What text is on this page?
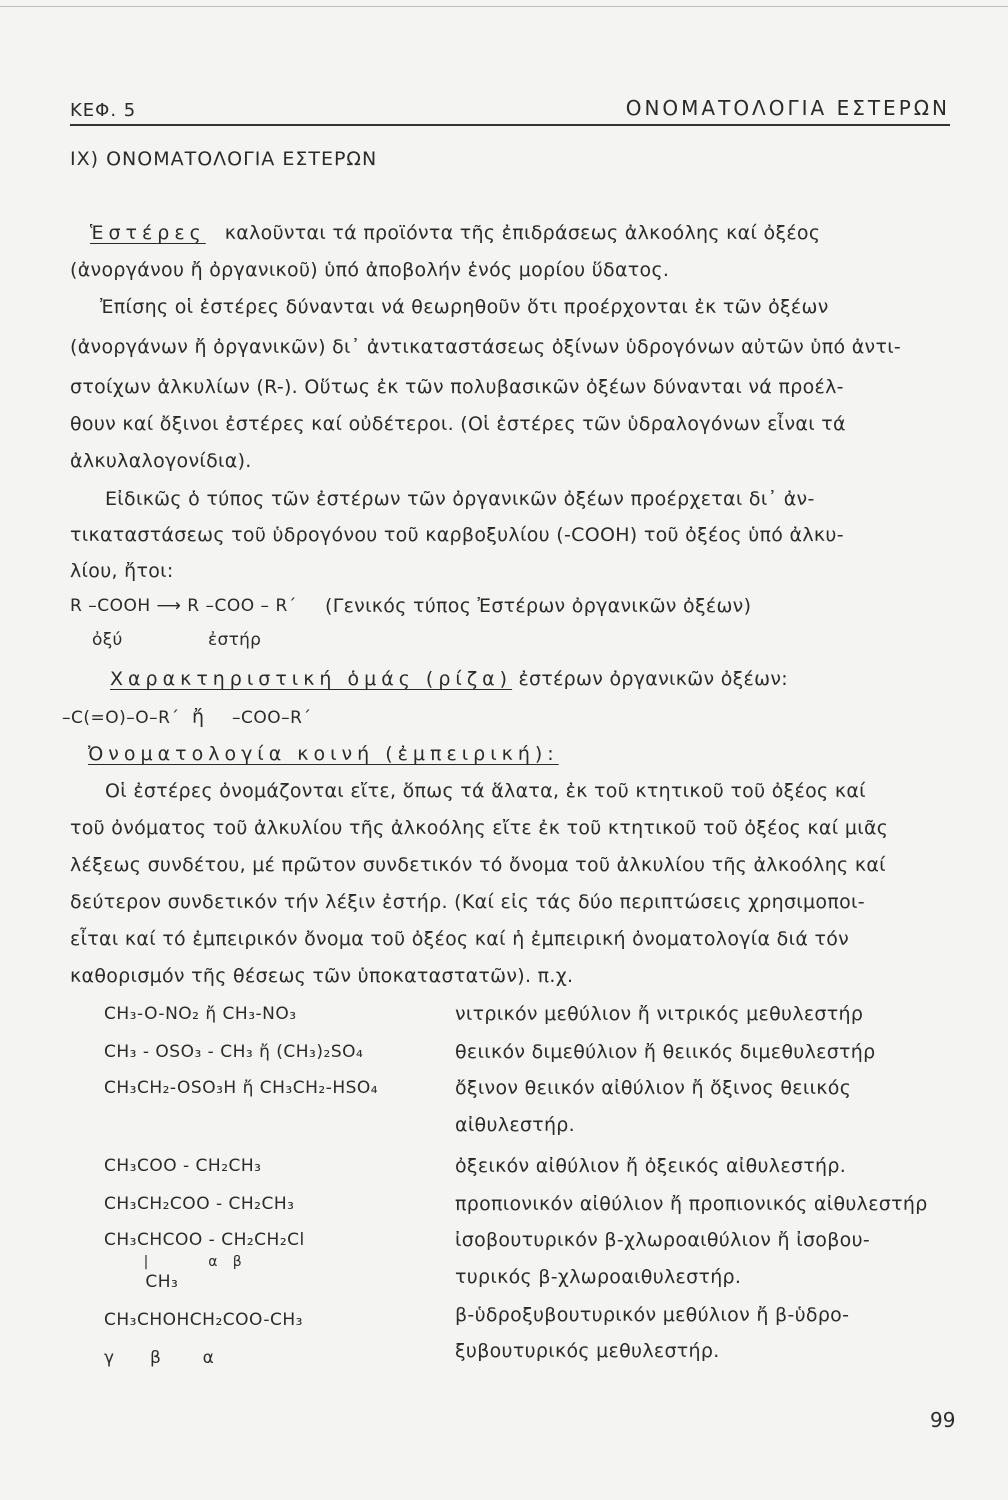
ΚΕΦ. 5	ΟΝΟΜΑΤΟΛΟΓΙΑ ΕΣΤΕΡΩΝ
IX) ΟΝΟΜΑΤΟΛΟΓΙΑ ΕΣΤΕΡΩΝ
Ἑστέρες καλοῦνται τά προϊόντα τῆς ἐπιδράσεως ἀλκοόλης καί ὀξέος
(ἀνοργάνου ἤ ὀργανικοῦ) ὑπό ἀποβολήν ἑνός μορίου ὕδατος.
Ἐπίσης οἱ ἐστέρες δύνανται νά θεωρηθοῦν ὅτι προέρχονται ἐκ τῶν ὀξέων
(ἀνοργάνων ἤ ὀργανικῶν) δι᾽ ἀντικαταστάσεως ὀξίνων ὑδρογόνων αὐτῶν ὑπό ἀντι-
στοίχων ἀλκυλίων (R-). Οὕτως ἐκ τῶν πολυβασικῶν ὀξέων δύνανται νά προέλ-
θουν καί ὄξινοι ἐστέρες καί οὐδέτεροι. (Οἱ ἐστέρες τῶν ὑδραλογόνων εἶναι τά
ἀλκυλαλογονίδια).
Εἰδικῶς ὁ τύπος τῶν ἐστέρων τῶν ὀργανικῶν ὀξέων προέρχεται δι᾽ ἀν-
τικαταστάσεως τοῦ ὑδρογόνου τοῦ καρβοξυλίου (-COOH) τοῦ ὀξέος ὑπό ἀλκυ-
λίου, ἤτοι:
R –COOH ⟶ R –COO – R΄ (Γενικός τύπος Ἐστέρων ὀργανικῶν ὀξέων)
ὀξύ	ἐστήρ
Χαρακτηριστική ὁμάς (ρίζα) ἐστέρων ὀργανικῶν ὀξέων:
–C(=O)–O–R΄ ἤ –COO–R΄
Ὀνοματολογία κοινή (ἐμπειρική):
Οἱ ἐστέρες ὀνομάζονται εἴτε, ὅπως τά ἅλατα, ἐκ τοῦ κτητικοῦ τοῦ ὀξέος καί
τοῦ ὀνόματος τοῦ ἀλκυλίου τῆς ἀλκοόλης εἴτε ἐκ τοῦ κτητικοῦ τοῦ ὀξέος καί μιᾶς
λέξεως συνδέτου, μέ πρῶτον συνδετικόν τό ὄνομα τοῦ ἀλκυλίου τῆς ἀλκοόλης καί
δεύτερον συνδετικόν τήν λέξιν ἐστήρ. (Καί εἰς τάς δύο περιπτώσεις χρησιμοποι-
εἶται καί τό ἐμπειρικόν ὄνομα τοῦ ὀξέος καί ἡ ἐμπειρική ὀνοματολογία διά τόν
καθορισμόν τῆς θέσεως τῶν ὑποκαταστατῶν). π.χ.
CH₃-O-NO₂ ἤ CH₃-NO₃	νιτρικόν μεθύλιον ἤ νιτρικός μεθυλεστήρ
CH₃ - OSO₃ - CH₃ ἤ (CH₃)₂SO₄	θειικόν διμεθύλιον ἤ θειικός διμεθυλεστήρ
CH₃CH₂-OSO₃H ἤ CH₃CH₂-HSO₄	ὄξινον θειικόν αἰθύλιον ἤ ὄξινος θειικός
αἰθυλεστήρ.
CH₃COO - CH₂CH₃	ὀξεικόν αἰθύλιον ἤ ὀξεικός αἰθυλεστήρ.
CH₃CH₂COO - CH₂CH₃	προπιονικόν αἰθύλιον ἤ προπιονικός αἰθυλεστήρ
CH₃CHCOO - CH₂CH₂Cl	ἰσοβουτυρικόν β-χλωροαιθύλιον ἤ ἰσοβου-
|            α   β
CH₃	τυρικός β-χλωροαιθυλεστήρ.
CH₃CHOHCH₂COO-CH₃	β-ὑδροξυβουτυρικόν μεθύλιον ἤ β-ὑδρο-
γ      β       α	ξυβουτυρικός μεθυλεστήρ.
99
